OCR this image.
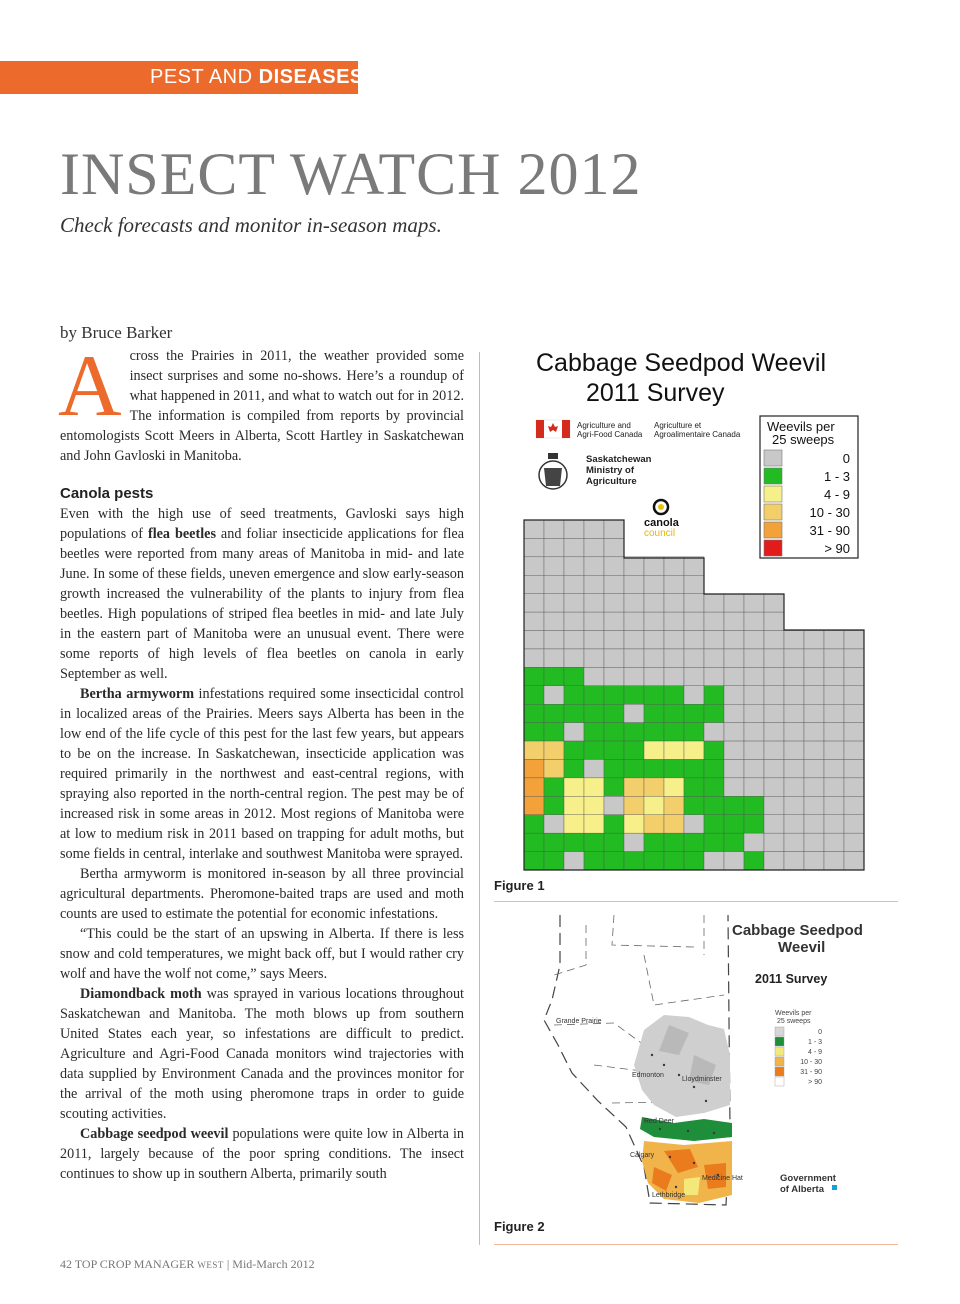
PEST AND DISEASES
INSECT WATCH 2012
Check forecasts and monitor in-season maps.
by Bruce Barker

Across the Prairies in 2011, the weather provided some insect surprises and some no-shows. Here’s a roundup of what happened in 2011, and what to watch out for in 2012. The information is compiled from reports by provincial entomologists Scott Meers in Alberta, Scott Hartley in Saskatchewan and John Gavloski in Manitoba.

Canola pests

Even with the high use of seed treatments, Gavloski says high populations of flea beetles and foliar insecticide applications for flea beetles were reported from many areas of Manitoba in mid- and late June. In some of these fields, uneven emergence and slow early-season growth increased the vulnerability of the plants to injury from flea beetles. High populations of striped flea beetles in mid- and late July in the eastern part of Manitoba were an unusual event. There were some reports of high levels of flea beetles on canola in early September as well.

Bertha armyworm infestations required some insecticidal control in localized areas of the Prairies. Meers says Alberta has been in the low end of the life cycle of this pest for the last few years, but appears to be on the increase. In Saskatchewan, insecticide application was required primarily in the northwest and east-central regions, with spraying also reported in the north-central region. The pest may be of increased risk in some areas in 2012. Most regions of Manitoba were at low to medium risk in 2011 based on trapping for adult moths, but some fields in central, interlake and southwest Manitoba were sprayed.

Bertha armyworm is monitored in-season by all three provincial agricultural departments. Pheromone-baited traps are used and moth counts are used to estimate the potential for economic infestations.

“This could be the start of an upswing in Alberta. If there is less snow and cold temperatures, we might back off, but I would rather cry wolf and have the wolf not come,” says Meers.

Diamondback moth was sprayed in various locations throughout Saskatchewan and Manitoba. The moth blows up from southern United States each year, so infestations are difficult to predict. Agriculture and Agri-Food Canada monitors wind trajectories with data supplied by Environment Canada and the provinces monitor for the arrival of the moth using pheromone traps in order to guide scouting activities.

Cabbage seedpod weevil populations were quite low in Alberta in 2011, largely because of the poor spring conditions. The insect continues to show up in southern Alberta, primarily south

Cabbage Seedpod Weevil
2011 Survey
Agriculture and
Agri-Food Canada
Agriculture et
Agroalimentaire Canada
Saskatchewan
Ministry of
Agriculture
canola
council
Weevils per
25 sweeps
0
1 - 3
4 - 9
10 - 30
31 - 90
> 90
Figure 1
Grande Prairie
Edmonton
Lloydminster
Red Deer
Calgary
Medicine Hat
Lethbridge
Cabbage Seedpod
Weevil
2011 Survey
Weevils per
25 sweeps
0
1 - 3
4 - 9
10 - 30
31 - 90
> 90
Government
of Alberta
Figure 2
42 TOP CROP MANAGER WEST | Mid-March 2012
